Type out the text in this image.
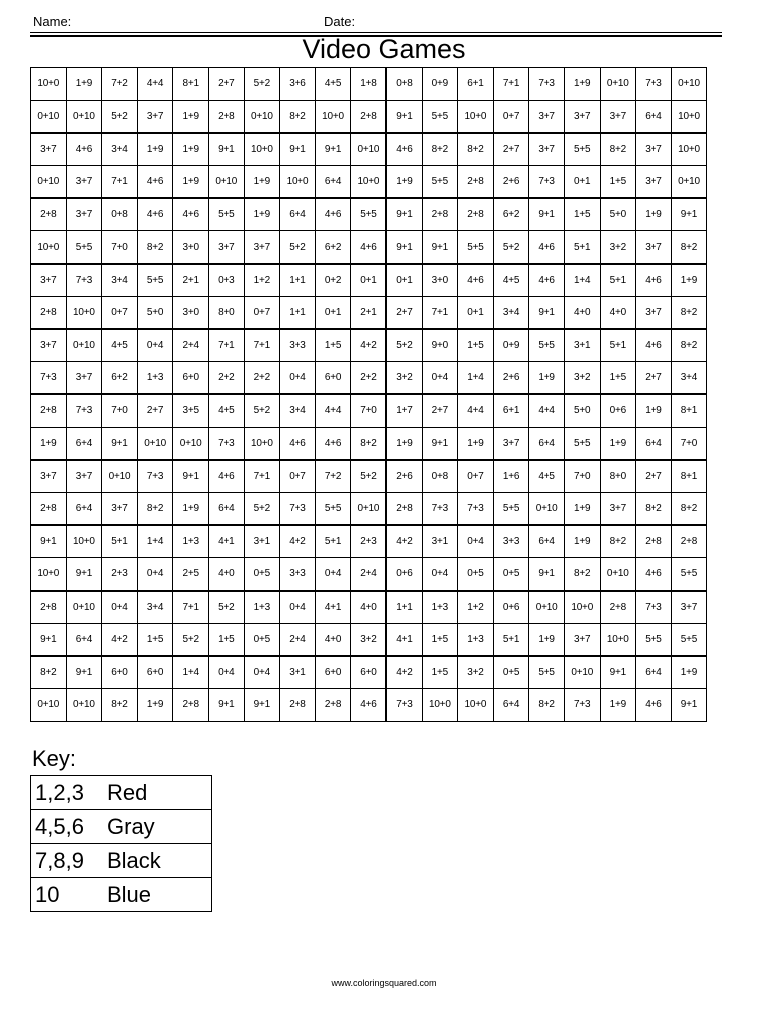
Name:	Date:
Video Games
10+0	1+9	7+2	4+4	8+1	2+7	5+2	3+6	4+5	1+8	0+8	0+9	6+1	7+1	7+3	1+9	0+10	7+3	0+10
0+10	0+10	5+2	3+7	1+9	2+8	0+10	8+2	10+0	2+8	9+1	5+5	10+0	0+7	3+7	3+7	3+7	6+4	10+0
3+7	4+6	3+4	1+9	1+9	9+1	10+0	9+1	9+1	0+10	4+6	8+2	8+2	2+7	3+7	5+5	8+2	3+7	10+0
0+10	3+7	7+1	4+6	1+9	0+10	1+9	10+0	6+4	10+0	1+9	5+5	2+8	2+6	7+3	0+1	1+5	3+7	0+10
2+8	3+7	0+8	4+6	4+6	5+5	1+9	6+4	4+6	5+5	9+1	2+8	2+8	6+2	9+1	1+5	5+0	1+9	9+1
10+0	5+5	7+0	8+2	3+0	3+7	3+7	5+2	6+2	4+6	9+1	9+1	5+5	5+2	4+6	5+1	3+2	3+7	8+2
3+7	7+3	3+4	5+5	2+1	0+3	1+2	1+1	0+2	0+1	0+1	3+0	4+6	4+5	4+6	1+4	5+1	4+6	1+9
2+8	10+0	0+7	5+0	3+0	8+0	0+7	1+1	0+1	2+1	2+7	7+1	0+1	3+4	9+1	4+0	4+0	3+7	8+2
3+7	0+10	4+5	0+4	2+4	7+1	7+1	3+3	1+5	4+2	5+2	9+0	1+5	0+9	5+5	3+1	5+1	4+6	8+2
7+3	3+7	6+2	1+3	6+0	2+2	2+2	0+4	6+0	2+2	3+2	0+4	1+4	2+6	1+9	3+2	1+5	2+7	3+4
2+8	7+3	7+0	2+7	3+5	4+5	5+2	3+4	4+4	7+0	1+7	2+7	4+4	6+1	4+4	5+0	0+6	1+9	8+1
1+9	6+4	9+1	0+10	0+10	7+3	10+0	4+6	4+6	8+2	1+9	9+1	1+9	3+7	6+4	5+5	1+9	6+4	7+0
3+7	3+7	0+10	7+3	9+1	4+6	7+1	0+7	7+2	5+2	2+6	0+8	0+7	1+6	4+5	7+0	8+0	2+7	8+1
2+8	6+4	3+7	8+2	1+9	6+4	5+2	7+3	5+5	0+10	2+8	7+3	7+3	5+5	0+10	1+9	3+7	8+2	8+2
9+1	10+0	5+1	1+4	1+3	4+1	3+1	4+2	5+1	2+3	4+2	3+1	0+4	3+3	6+4	1+9	8+2	2+8	2+8
10+0	9+1	2+3	0+4	2+5	4+0	0+5	3+3	0+4	2+4	0+6	0+4	0+5	0+5	9+1	8+2	0+10	4+6	5+5
2+8	0+10	0+4	3+4	7+1	5+2	1+3	0+4	4+1	4+0	1+1	1+3	1+2	0+6	0+10	10+0	2+8	7+3	3+7
9+1	6+4	4+2	1+5	5+2	1+5	0+5	2+4	4+0	3+2	4+1	1+5	1+3	5+1	1+9	3+7	10+0	5+5	5+5
8+2	9+1	6+0	6+0	1+4	0+4	0+4	3+1	6+0	6+0	4+2	1+5	3+2	0+5	5+5	0+10	9+1	6+4	1+9
0+10	0+10	8+2	1+9	2+8	9+1	9+1	2+8	2+8	4+6	7+3	10+0	10+0	6+4	8+2	7+3	1+9	4+6	9+1
Key:
1,2,3	Red
4,5,6	Gray
7,8,9	Black
10	Blue
www.coloringsquared.com
